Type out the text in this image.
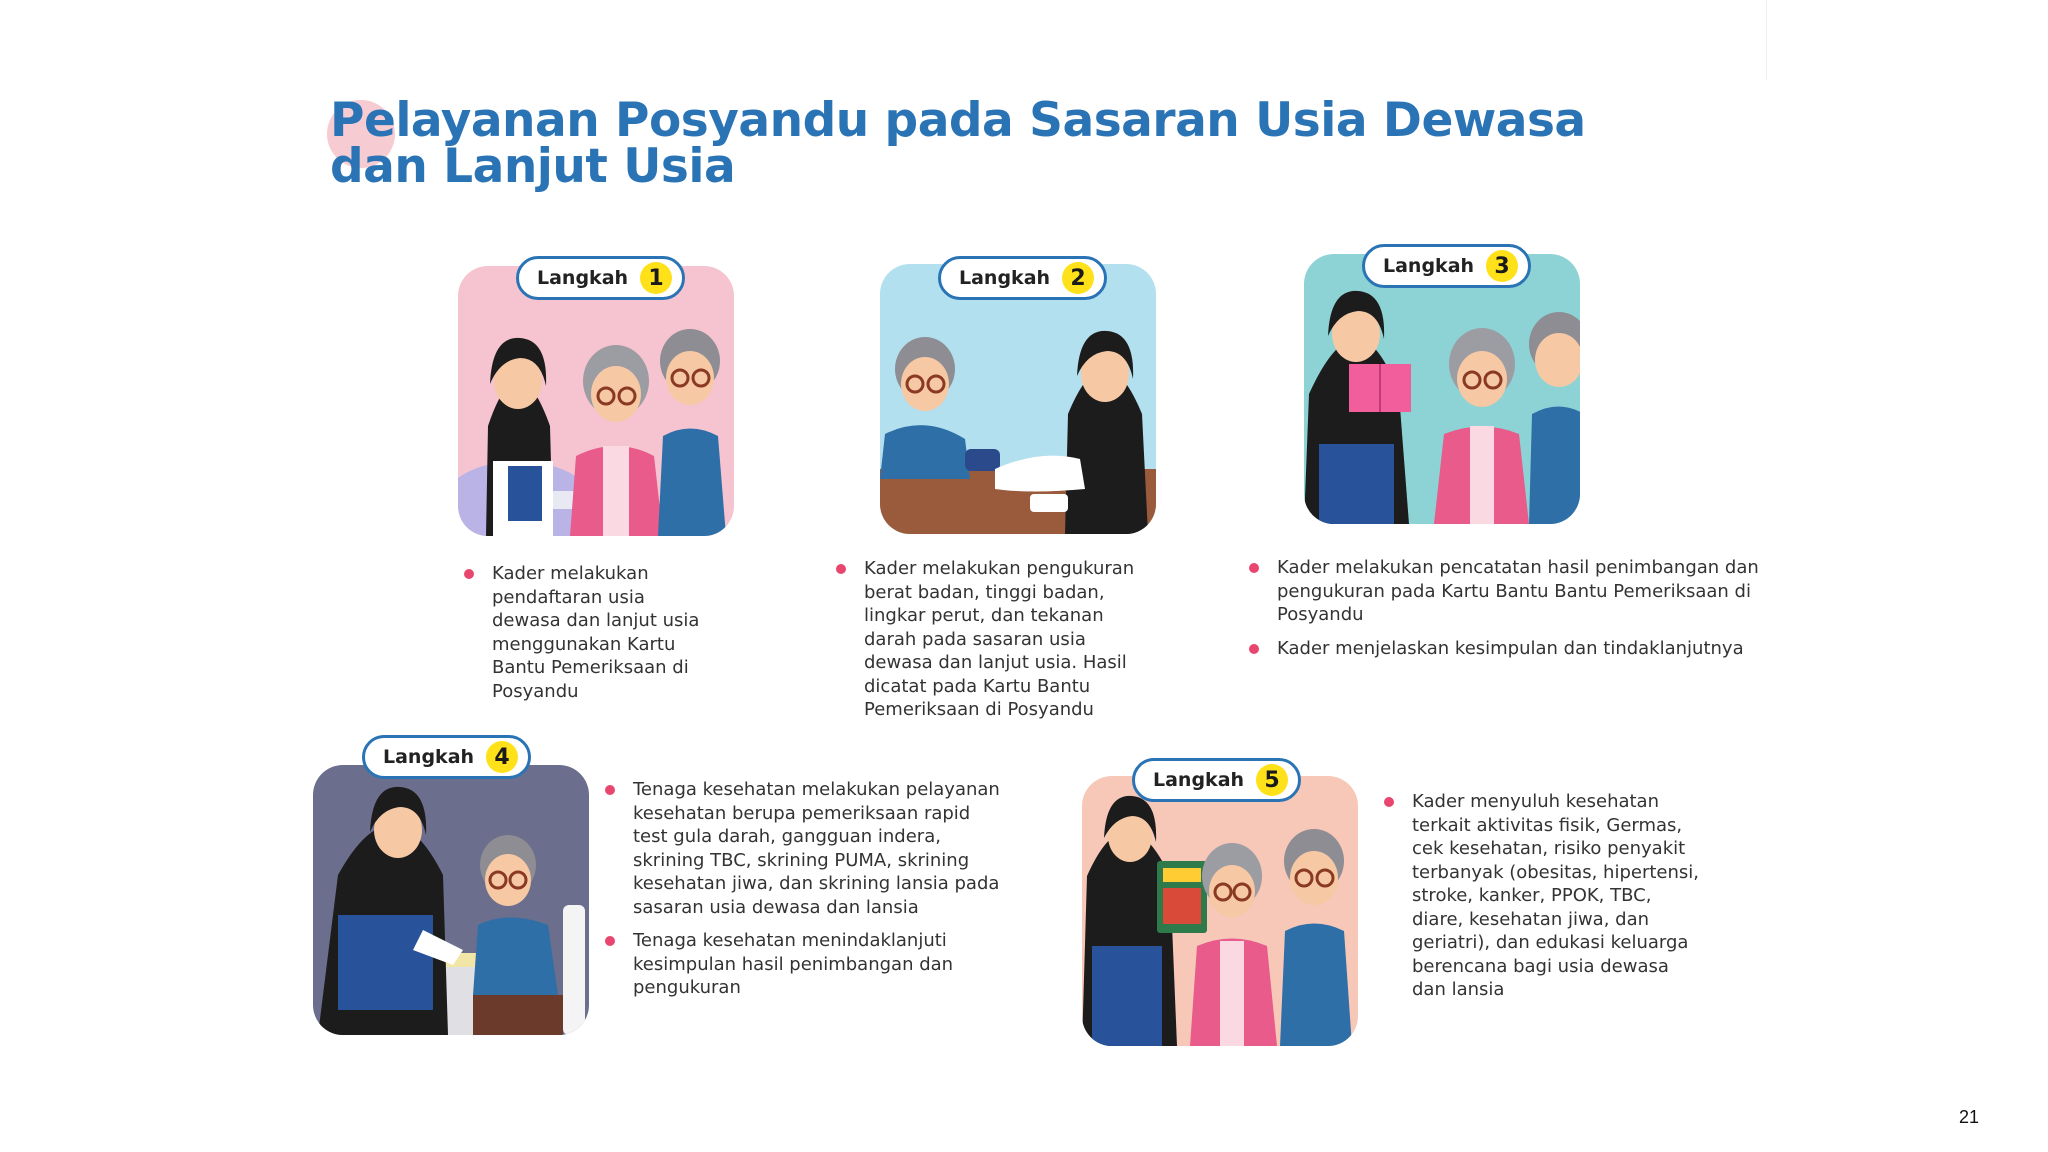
Pelayanan Posyandu pada Sasaran Usia Dewasa dan Lanjut Usia
Langkah 1
Kader melakukan pendaftaran usia dewasa dan lanjut usia menggunakan Kartu Bantu Pemeriksaan di Posyandu
Langkah 2
Kader melakukan pengukuran berat badan, tinggi badan, lingkar perut, dan tekanan darah pada sasaran usia dewasa dan lanjut usia. Hasil dicatat pada Kartu Bantu Pemeriksaan di Posyandu
Langkah 3
Kader melakukan pencatatan hasil penimbangan dan pengukuran pada Kartu Bantu Bantu Pemeriksaan di Posyandu
Kader menjelaskan kesimpulan dan tindaklanjutnya
Langkah 4
Tenaga kesehatan melakukan pelayanan kesehatan berupa pemeriksaan rapid test gula darah, gangguan indera, skrining TBC, skrining PUMA, skrining kesehatan jiwa, dan skrining lansia pada sasaran usia dewasa dan lansia
Tenaga kesehatan menindaklanjuti kesimpulan hasil penimbangan dan pengukuran
Langkah 5
Kader menyuluh kesehatan terkait aktivitas fisik, Germas, cek kesehatan, risiko penyakit terbanyak (obesitas, hipertensi, stroke, kanker, PPOK, TBC, diare, kesehatan jiwa, dan geriatri), dan edukasi keluarga berencana bagi usia dewasa dan lansia
21
